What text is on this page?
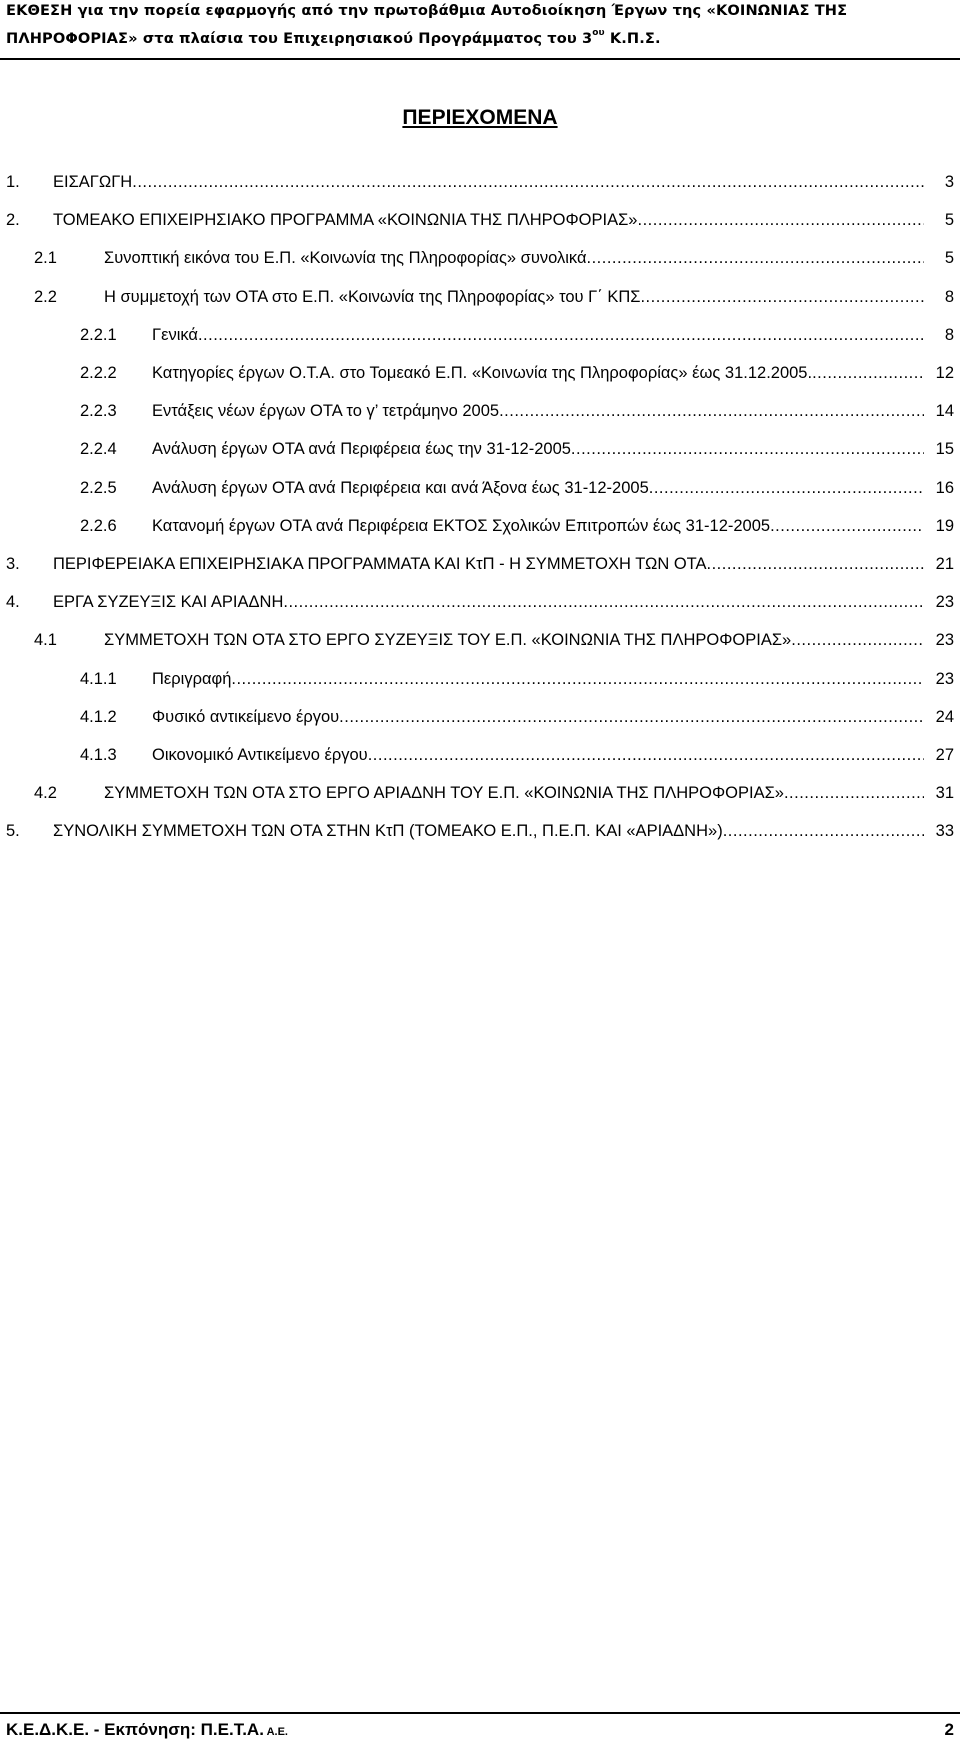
ΕΚΘΕΣΗ για την πορεία εφαρμογής από την πρωτοβάθμια Αυτοδιοίκηση Έργων της «ΚΟΙΝΩΝΙΑΣ ΤΗΣ
ΠΛΗΡΟΦΟΡΙΑΣ» στα πλαίσια του Επιχειρησιακού Προγράμματος του $3^{o\upsilon}$ Κ.Π.Σ.
ΠΕΡΙΕΧΟΜΕΝΑ
1. ΕΙΣΑΓΩΓΗ .....	3
2. ΤΟΜΕΑΚΟ ΕΠΙΧΕΙΡΗΣΙΑΚΟ ΠΡΟΓΡΑΜΜΑ «ΚΟΙΝΩΝΙΑ ΤΗΣ ΠΛΗΡΟΦΟΡΙΑΣ» .....	5
2.1	Συνοπτική εικόνα του Ε.Π. «Κοινωνία της Πληροφορίας» συνολικά .....	5
2.2	Η συμμετοχή των ΟΤΑ στο Ε.Π. «Κοινωνία της Πληροφορίας» του Γ΄ ΚΠΣ .....	8
2.2.1 Γενικά .....	8
2.2.2 Κατηγορίες έργων Ο.Τ.Α. στο Τομεακό Ε.Π. «Κοινωνία της Πληροφορίας» έως 31.12.2005. .....	12
2.2.3 Εντάξεις νέων έργων ΟΤΑ το γ’ τετράμηνο 2005 .....	14
2.2.4 Ανάλυση έργων ΟΤΑ ανά Περιφέρεια έως την 31-12-2005 .....	15
2.2.5 Ανάλυση έργων ΟΤΑ ανά Περιφέρεια και ανά Άξονα έως 31-12-2005 .....	16
2.2.6 Κατανομή έργων ΟΤΑ ανά Περιφέρεια ΕΚΤΟΣ Σχολικών Επιτροπών έως 31-12-2005 .....	19
3. ΠΕΡΙΦΕΡΕΙΑΚΑ ΕΠΙΧΕΙΡΗΣΙΑΚΑ ΠΡΟΓΡΑΜΜΑΤΑ ΚΑΙ ΚτΠ - Η ΣΥΜΜΕΤΟΧΗ ΤΩΝ ΟΤΑ .....	21
4. ΕΡΓΑ ΣΥΖΕΥΞΙΣ ΚΑΙ ΑΡΙΑΔΝΗ .....	23
4.1	ΣΥΜΜΕΤΟΧΗ ΤΩΝ ΟΤΑ ΣΤΟ ΕΡΓΟ ΣΥΖΕΥΞΙΣ ΤΟΥ Ε.Π. «ΚΟΙΝΩΝΙΑ ΤΗΣ ΠΛΗΡΟΦΟΡΙΑΣ» .....	23
4.1.1 Περιγραφή .....	23
4.1.2 Φυσικό αντικείμενο έργου .....	24
4.1.3 Οικονομικό Αντικείμενο έργου .....	27
4.2	ΣΥΜΜΕΤΟΧΗ ΤΩΝ ΟΤΑ ΣΤΟ ΕΡΓΟ ΑΡΙΑΔΝΗ ΤΟΥ Ε.Π. «ΚΟΙΝΩΝΙΑ ΤΗΣ ΠΛΗΡΟΦΟΡΙΑΣ» .....	31
5. ΣΥΝΟΛΙΚΗ ΣΥΜΜΕΤΟΧΗ ΤΩΝ ΟΤΑ ΣΤΗΝ ΚτΠ (ΤΟΜΕΑΚΟ Ε.Π., Π.Ε.Π. ΚΑΙ «ΑΡΙΑΔΝΗ») .....	33
Κ.Ε.Δ.Κ.Ε. - Εκπόνηση: Π.Ε.Τ.Α. Α.Ε.	2
